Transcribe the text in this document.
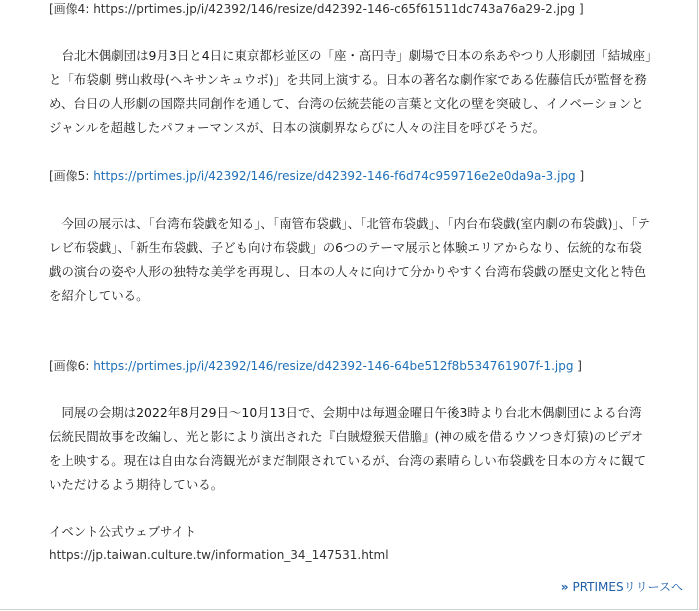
[画像4: https://prtimes.jp/i/42392/146/resize/d42392-146-c65f61511dc743a76a29-2.jpg ]

　台北木偶劇団は9月3日と4日に東京都杉並区の「座・高円寺」劇場で日本の糸あやつり人形劇団「結城座」と「布袋劇 劈山救母(ヘキサンキュウボ)」を共同上演する。日本の著名な劇作家である佐藤信氏が監督を務め、台日の人形劇の国際共同創作を通して、台湾の伝統芸能の言葉と文化の壁を突破し、イノベーションとジャンルを超越したパフォーマンスが、日本の演劇界ならびに人々の注目を呼びそうだ。

[画像5: https://prtimes.jp/i/42392/146/resize/d42392-146-f6d74c959716e2e0da9a-3.jpg ]

　今回の展示は、「台湾布袋戯を知る」、「南管布袋戯」、「北管布袋戯」、「内台布袋戯(室内劇の布袋戯)」、「テレビ布袋戯」、「新生布袋戯、子ども向け布袋戯」の6つのテーマ展示と体験エリアからなり、伝統的な布袋戯の演台の姿や人形の独特な美学を再現し、日本の人々に向けて分かりやすく台湾布袋戯の歴史文化と特色を紹介している。

[画像6: https://prtimes.jp/i/42392/146/resize/d42392-146-64be512f8b534761907f-1.jpg ]

　同展の会期は2022年8月29日～10月13日で、会期中は毎週金曜日午後3時より台北木偶劇団による台湾伝統民間故事を改編し、光と影により演出された『白賊燈猴天借膽』(神の威を借るウソつき灯猿)のビデオを上映する。現在は自由な台湾観光がまだ制限されているが、台湾の素晴らしい布袋戯を日本の方々に観ていただけるよう期待している。

イベント公式ウェブサイト

https://jp.taiwan.culture.tw/information_34_147531.html
» PRTIMESリリースへ
